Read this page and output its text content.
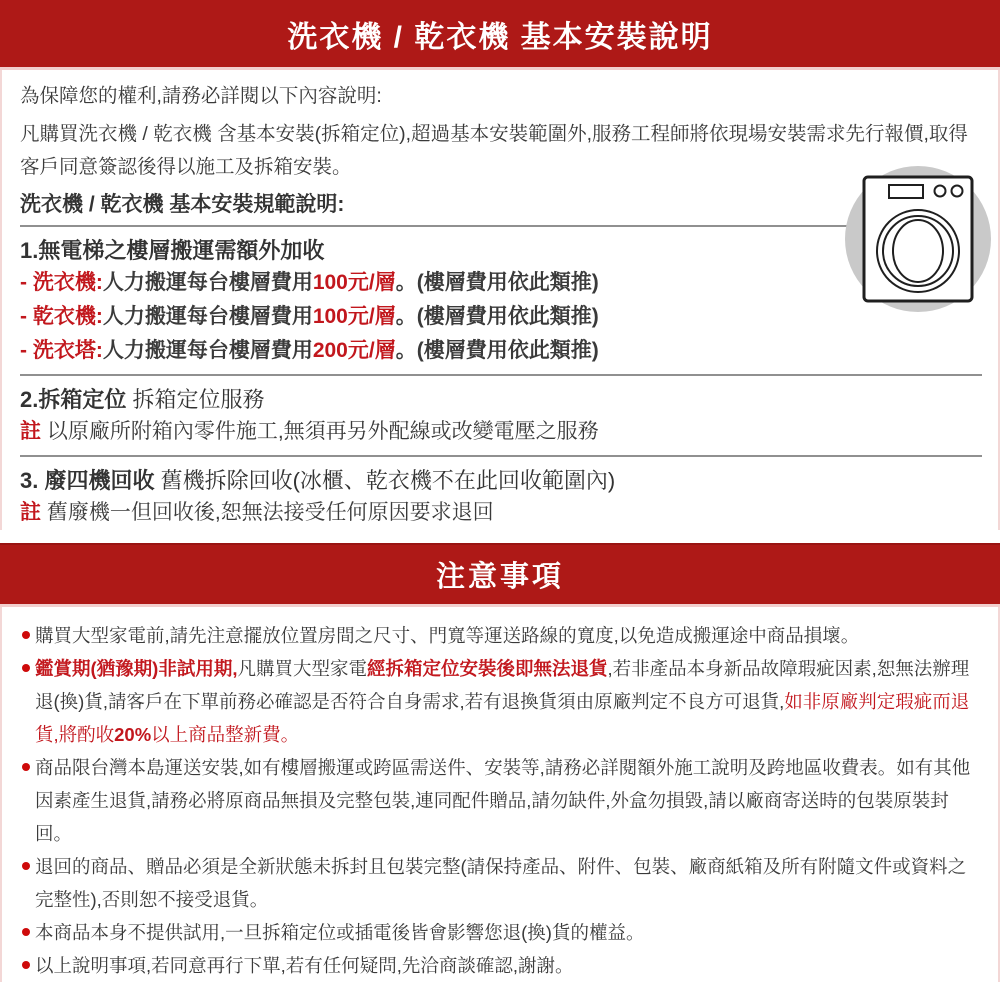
洗衣機 / 乾衣機 基本安裝說明
為保障您的權利,請務必詳閱以下內容說明:
凡購買洗衣機 / 乾衣機 含基本安裝(拆箱定位),超過基本安裝範圍外,服務工程師將依現場安裝需求先行報價,取得客戶同意簽認後得以施工及拆箱安裝。
洗衣機 / 乾衣機 基本安裝規範說明:
1.無電梯之樓層搬運需額外加收
- 洗衣機:人力搬運每台樓層費用100元/層。(樓層費用依此類推)
- 乾衣機:人力搬運每台樓層費用100元/層。(樓層費用依此類推)
- 洗衣塔:人力搬運每台樓層費用200元/層。(樓層費用依此類推)
2.拆箱定位 拆箱定位服務
註 以原廠所附箱內零件施工,無須再另外配線或改變電壓之服務
3. 廢四機回收 舊機拆除回收(冰櫃、乾衣機不在此回收範圍內)
註 舊廢機一但回收後,恕無法接受任何原因要求退回
注意事項
購買大型家電前,請先注意擺放位置房間之尺寸、門寬等運送路線的寬度,以免造成搬運途中商品損壞。
鑑賞期(猶豫期)非試用期,凡購買大型家電經拆箱定位安裝後即無法退貨,若非產品本身新品故障瑕疵因素,恕無法辦理退(換)貨,請客戶在下單前務必確認是否符合自身需求,若有退換貨須由原廠判定不良方可退貨,如非原廠判定瑕疵而退貨,將酌收20%以上商品整新費。
商品限台灣本島運送安裝,如有樓層搬運或跨區需送件、安裝等,請務必詳閱額外施工說明及跨地區收費表。如有其他因素產生退貨,請務必將原商品無損及完整包裝,連同配件贈品,請勿缺件,外盒勿損毀,請以廠商寄送時的包裝原裝封回。
退回的商品、贈品必須是全新狀態未拆封且包裝完整(請保持產品、附件、包裝、廠商紙箱及所有附隨文件或資料之完整性),否則恕不接受退貨。
本商品本身不提供試用,一旦拆箱定位或插電後皆會影響您退(換)貨的權益。
以上說明事項,若同意再行下單,若有任何疑問,先洽商談確認,謝謝。
